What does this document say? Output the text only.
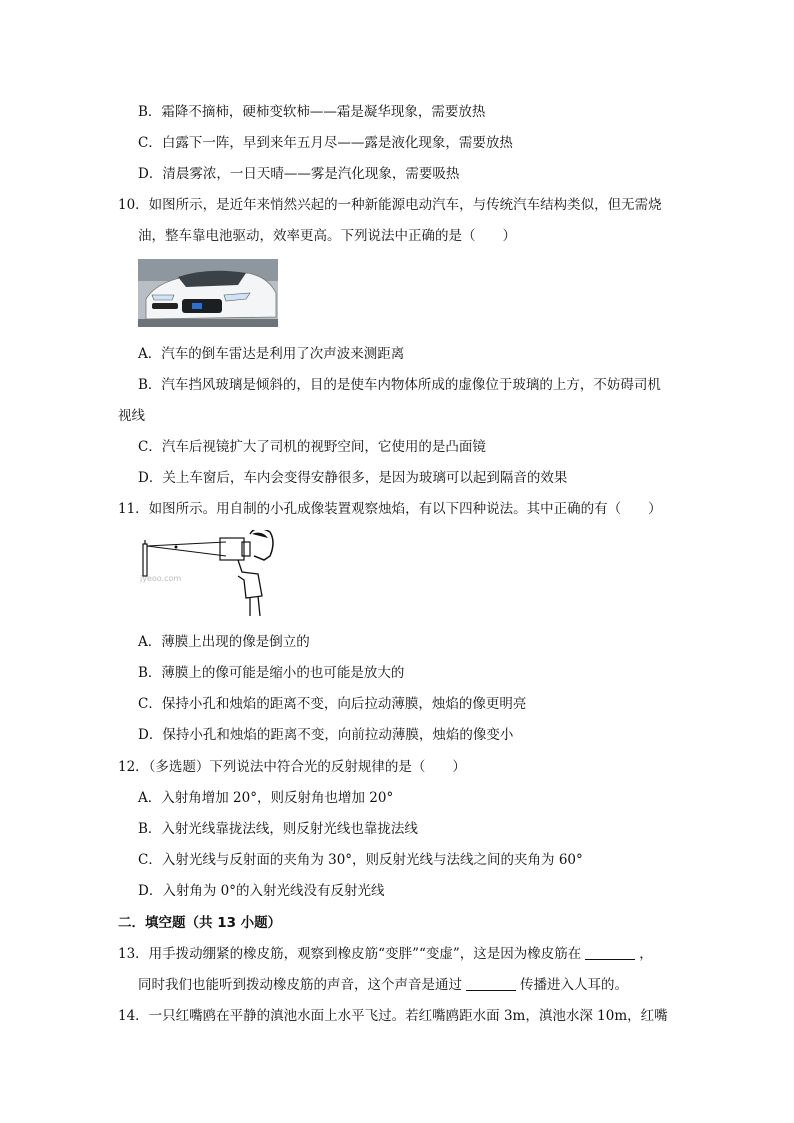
B．霜降不摘柿，硬柿变软柿——霜是凝华现象，需要放热
C．白露下一阵，早到来年五月尽——露是液化现象，需要放热
D．清晨雾浓，一日天晴——雾是汽化现象，需要吸热
10．如图所示，是近年来悄然兴起的一种新能源电动汽车，与传统汽车结构类似，但无需烧
油，整车靠电池驱动，效率更高。下列说法中正确的是（　　）
A．汽车的倒车雷达是利用了次声波来测距离
B．汽车挡风玻璃是倾斜的，目的是使车内物体所成的虚像位于玻璃的上方，不妨碍司机
视线
C．汽车后视镜扩大了司机的视野空间，它使用的是凸面镜
D．关上车窗后，车内会变得安静很多，是因为玻璃可以起到隔音的效果
11．如图所示。用自制的小孔成像装置观察烛焰，有以下四种说法。其中正确的有（　　）
jyeoo.com
A．薄膜上出现的像是倒立的
B．薄膜上的像可能是缩小的也可能是放大的
C．保持小孔和烛焰的距离不变，向后拉动薄膜，烛焰的像更明亮
D．保持小孔和烛焰的距离不变，向前拉动薄膜，烛焰的像变小
12．（多选题）下列说法中符合光的反射规律的是（　　）
A．入射角增加 20°，则反射角也增加 20°
B．入射光线靠拢法线，则反射光线也靠拢法线
C．入射光线与反射面的夹角为 30°，则反射光线与法线之间的夹角为 60°
D．入射角为 0°的入射光线没有反射光线
二．填空题（共 13 小题）
13．用手拨动绷紧的橡皮筋，观察到橡皮筋“变胖”“变虚”，这是因为橡皮筋在	，
同时我们也能听到拨动橡皮筋的声音，这个声音是通过	传播进入人耳的。
14．一只红嘴鸥在平静的滇池水面上水平飞过。若红嘴鸥距水面 3m，滇池水深 10m，红嘴
